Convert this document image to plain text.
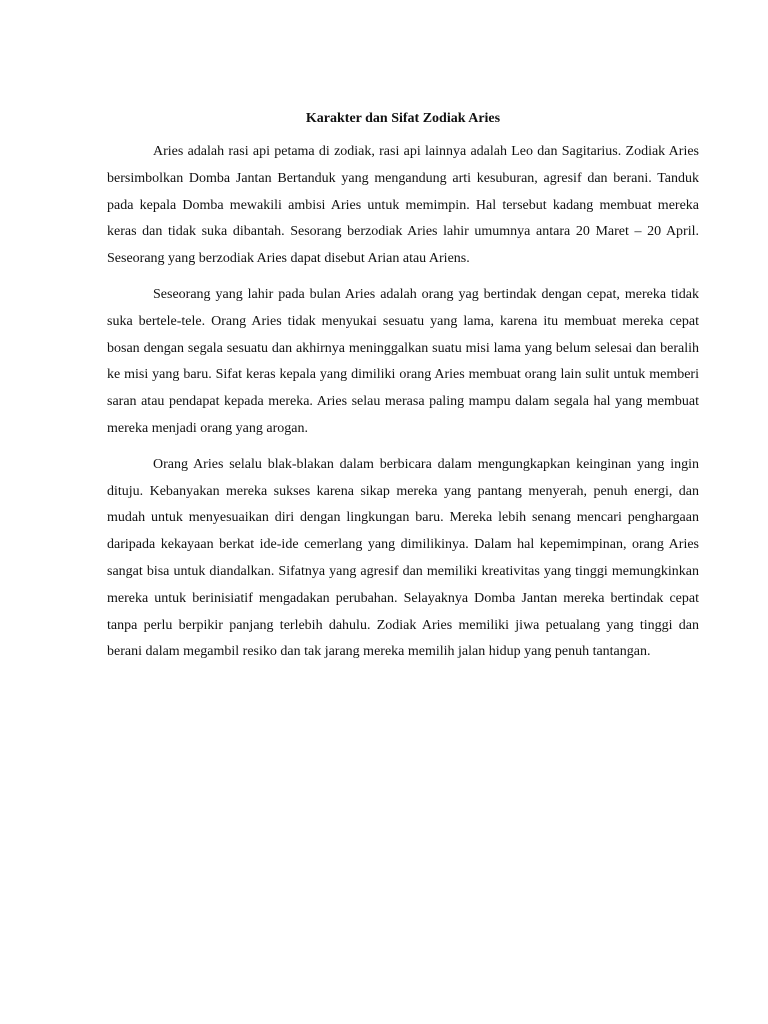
Karakter dan Sifat Zodiak Aries

Aries adalah rasi api petama di zodiak, rasi api lainnya adalah Leo dan Sagitarius. Zodiak Aries bersimbolkan Domba Jantan Bertanduk yang mengandung arti kesuburan, agresif dan berani. Tanduk pada kepala Domba mewakili ambisi Aries untuk memimpin. Hal tersebut kadang membuat mereka keras dan tidak suka dibantah. Sesorang berzodiak Aries lahir umumnya antara 20 Maret – 20 April. Seseorang yang berzodiak Aries dapat disebut Arian atau Ariens.

Seseorang yang lahir pada bulan Aries adalah orang yag bertindak dengan cepat, mereka tidak suka bertele-tele. Orang Aries tidak menyukai sesuatu yang lama, karena itu membuat mereka cepat bosan dengan segala sesuatu dan akhirnya meninggalkan suatu misi lama yang belum selesai dan beralih ke misi yang baru. Sifat keras kepala yang dimiliki orang Aries membuat orang lain sulit untuk memberi saran atau pendapat kepada mereka. Aries selau merasa paling mampu dalam segala hal yang membuat mereka menjadi orang yang arogan.

Orang Aries selalu blak-blakan dalam berbicara dalam mengungkapkan keinginan yang ingin dituju. Kebanyakan mereka sukses karena sikap mereka yang pantang menyerah, penuh energi, dan mudah untuk menyesuaikan diri dengan lingkungan baru. Mereka lebih senang mencari penghargaan daripada kekayaan berkat ide-ide cemerlang yang dimilikinya. Dalam hal kepemimpinan, orang Aries sangat bisa untuk diandalkan. Sifatnya yang agresif dan memiliki kreativitas yang tinggi memungkinkan mereka untuk berinisiatif mengadakan perubahan. Selayaknya Domba Jantan mereka bertindak cepat tanpa perlu berpikir panjang terlebih dahulu. Zodiak Aries memiliki jiwa petualang yang tinggi dan berani dalam megambil resiko dan tak jarang mereka memilih jalan hidup yang penuh tantangan.
